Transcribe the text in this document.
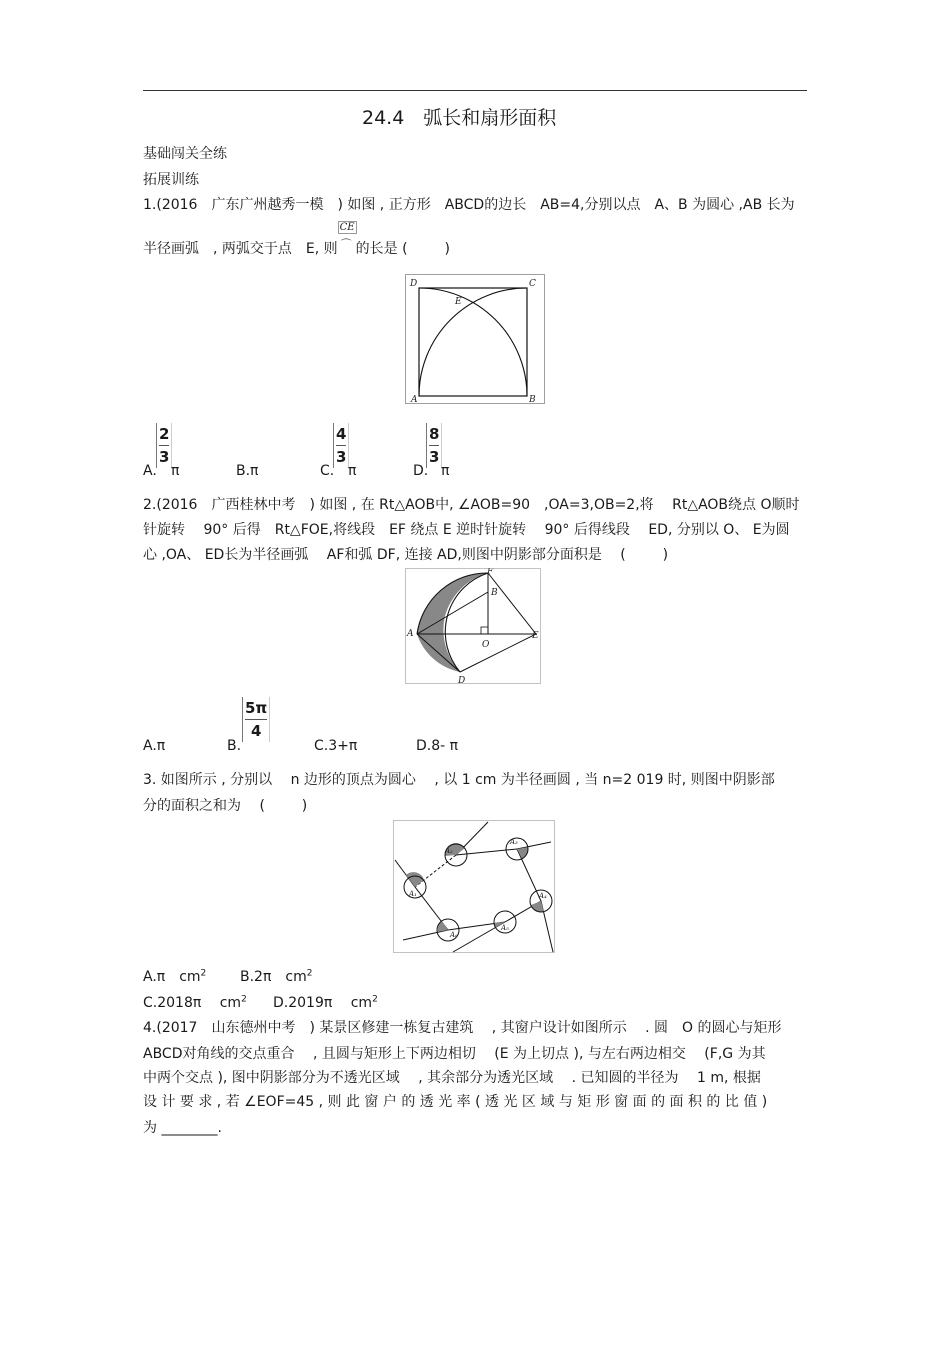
24.4　弧长和扇形面积
基础闯关全练
拓展训练
1.(2016　广东广州越秀一模　) 如图 , 正方形　ABCD的边长　AB=4,分别以点　A、B 为圆心 ,AB 长为
半径画弧　, 两弧交于点　E, 则
CE
⌒ 的长是 ( 　　 )
D	C
E
A	B
A.
2
3
π	B.π	C.
4
3
π	D.
8
3
π
2.(2016　广西桂林中考　) 如图 , 在 Rt△AOB中, ∠AOB=90　,OA=3,OB=2,将　 Rt△AOB绕点 O顺时
针旋转　 90° 后得　Rt△FOE,将线段　EF 绕点 E 逆时针旋转　 90° 后得线段　 ED, 分别以 O、 E为圆
心 ,OA、 ED长为半径画弧　 AF和弧 DF, 连接 AD,则图中阴影部分面积是　 ( 　　 )
F
B
A
O
E
D
A.π	B.
5π
4
C.3+π	D.8- π
3. 如图所示 , 分别以　 n 边形的顶点为圆心　 , 以 1 cm 为半径画圆 , 当 n=2 019 时, 则图中阴影部
分的面积之和为　 ( 　　 )
A₁
A₂
A₃
A₄
A₅
A₆
A.π　$cm^2$ B.2π　$cm^2$
C.2018π　 $cm^2$ D.2019π　 $cm^2$
4.(2017　山东德州中考　) 某景区修建一栋复古建筑　 , 其窗户设计如图所示　 . 圆　O 的圆心与矩形
ABCD对角线的交点重合　 , 且圆与矩形上下两边相切　 (E 为上切点 ), 与左右两边相交　 (F,G 为其
中两个交点 ), 图中阴影部分为不透光区域　 , 其余部分为透光区域　 . 已知圆的半径为　 1 m, 根据
设 计 要 求 , 若 ∠EOF=45 , 则 此 窗 户 的 透 光 率 ( 透 光 区 域 与 矩 形 窗 面 的 面 积 的 比 值 )
为 ________.
